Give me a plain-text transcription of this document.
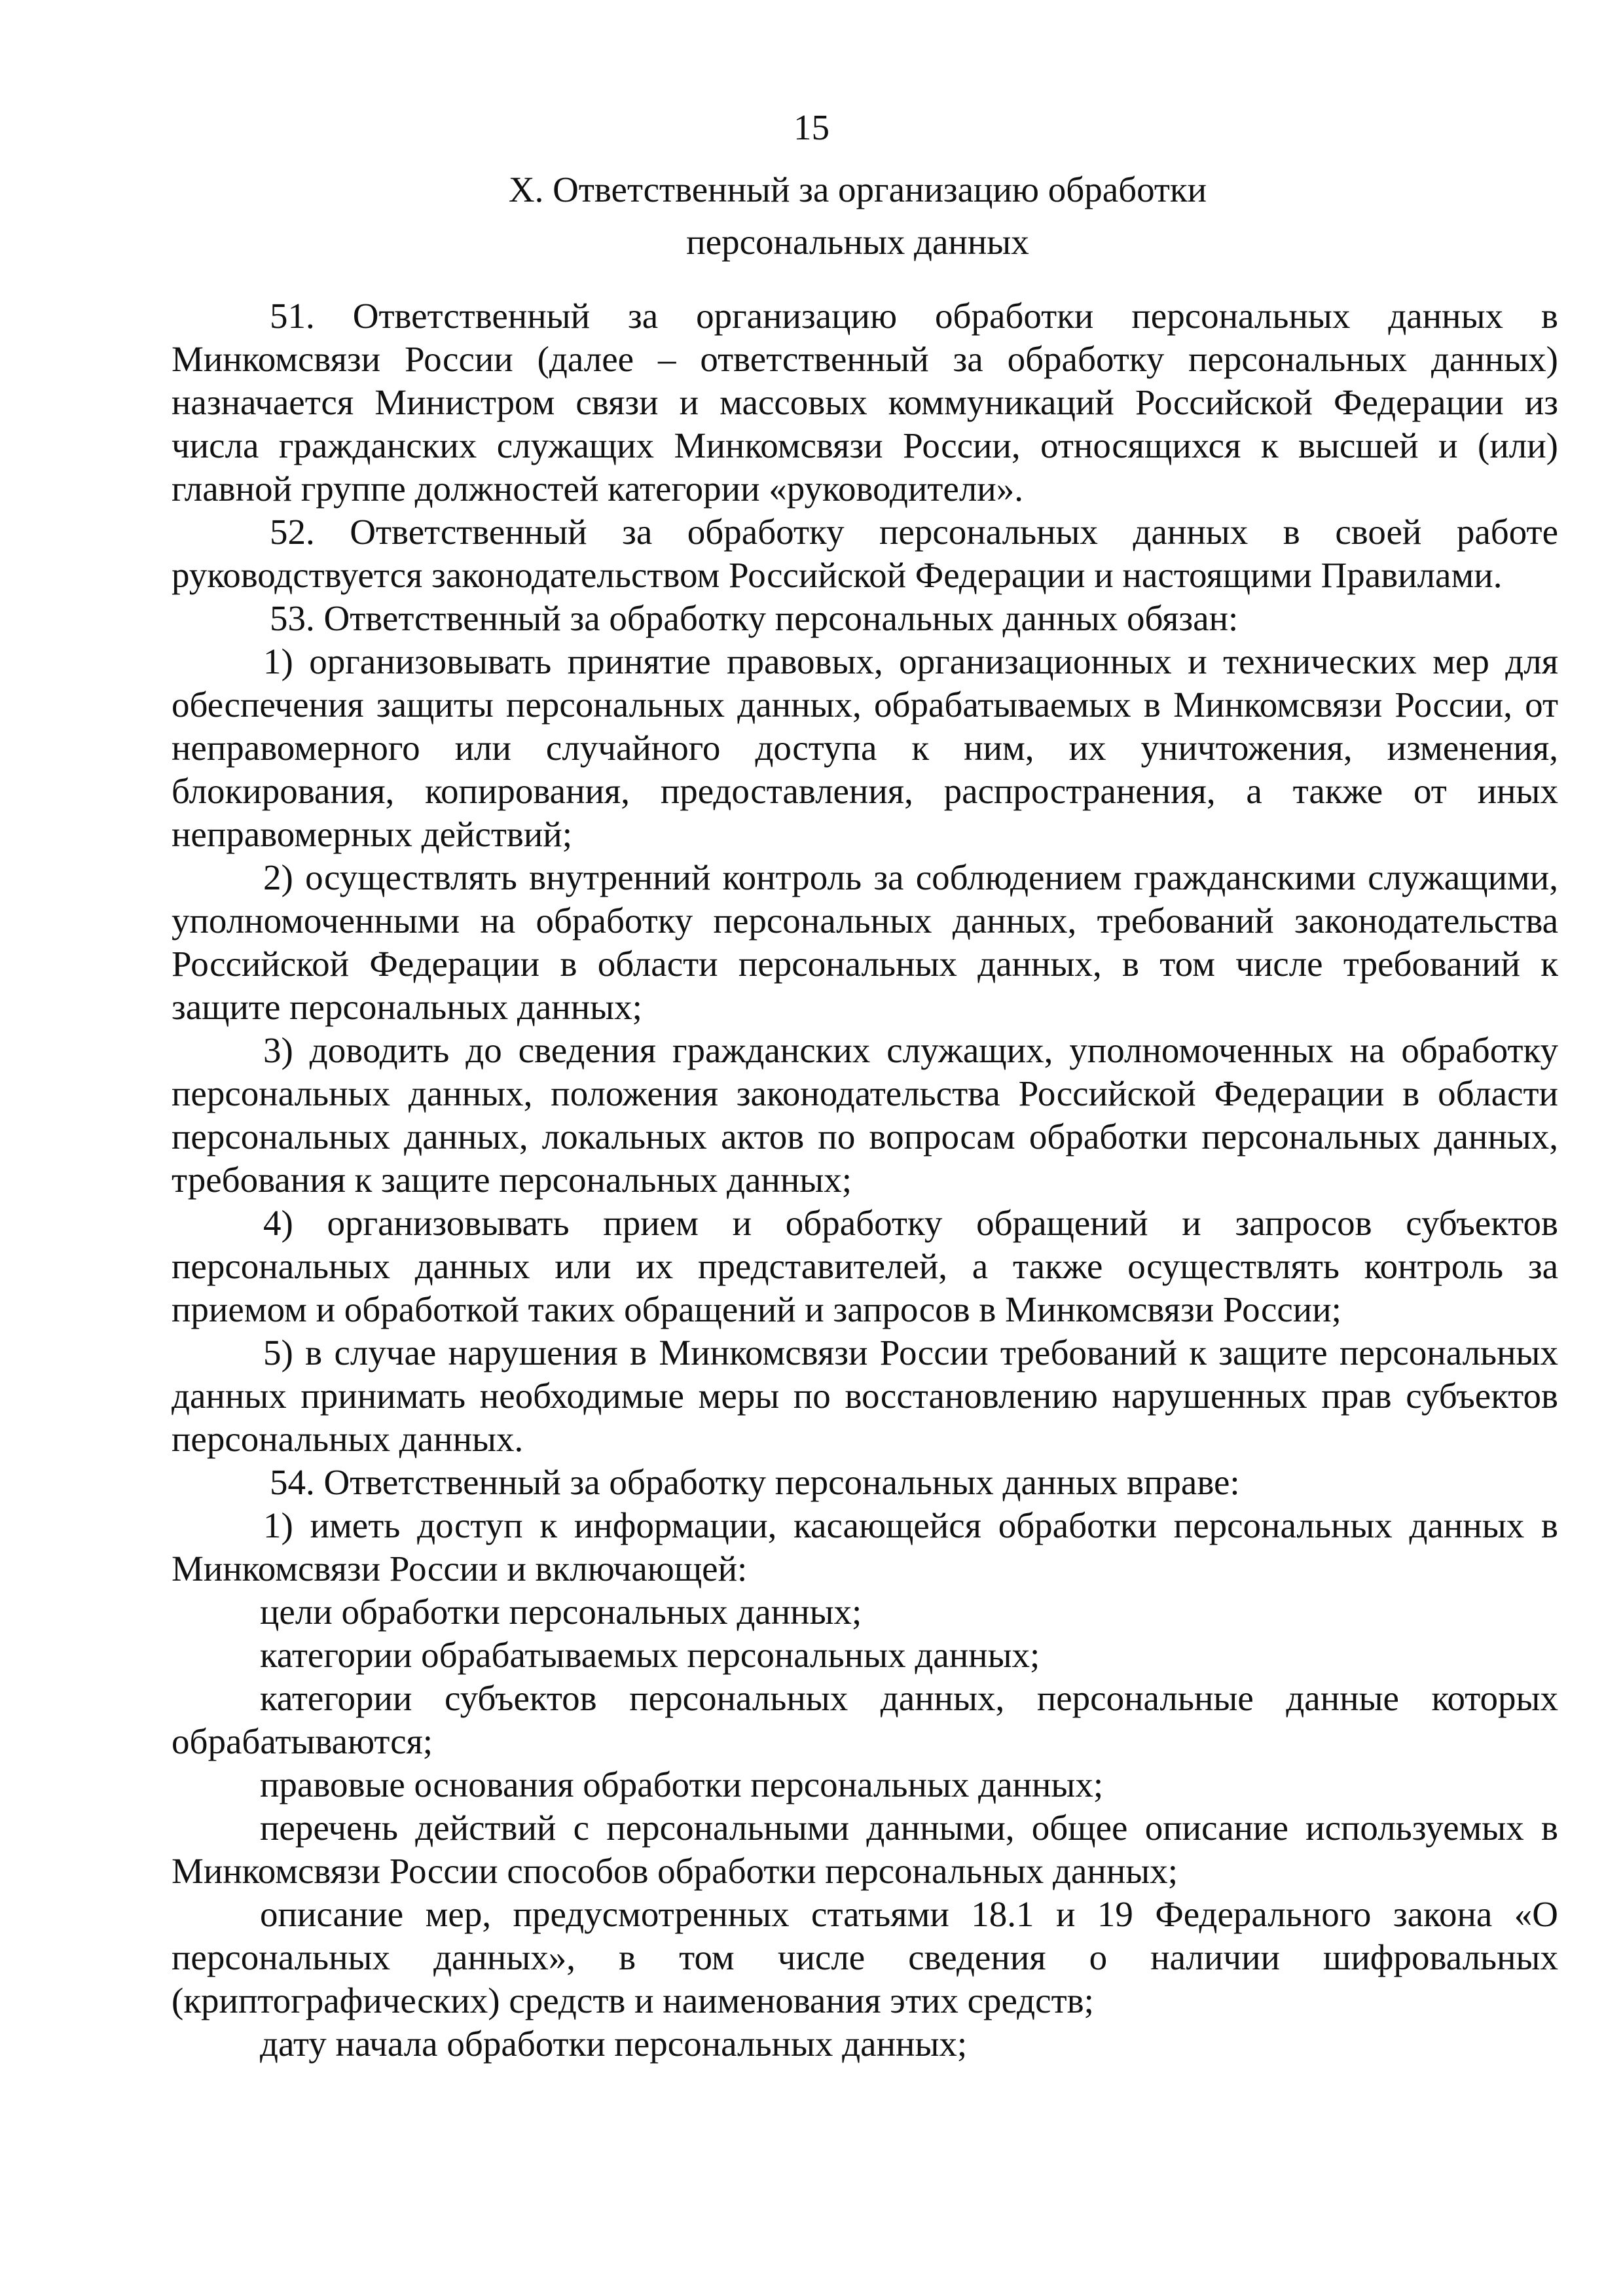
15
X. Ответственный за организацию обработки
персональных данных

51. Ответственный за организацию обработки персональных данных в Минкомсвязи России (далее – ответственный за обработку персональных данных) назначается Министром связи и массовых коммуникаций Российской Федерации из числа гражданских служащих Минкомсвязи России, относящихся к высшей и (или) главной группе должностей категории «руководители».

52. Ответственный за обработку персональных данных в своей работе руководствуется законодательством Российской Федерации и настоящими Правилами.

53. Ответственный за обработку персональных данных обязан:

1) организовывать принятие правовых, организационных и технических мер для обеспечения защиты персональных данных, обрабатываемых в Минкомсвязи России, от неправомерного или случайного доступа к ним, их уничтожения, изменения, блокирования, копирования, предоставления, распространения, а также от иных неправомерных действий;

2) осуществлять внутренний контроль за соблюдением гражданскими служащими, уполномоченными на обработку персональных данных, требований законодательства Российской Федерации в области персональных данных, в том числе требований к защите персональных данных;

3) доводить до сведения гражданских служащих, уполномоченных на обработку персональных данных, положения законодательства Российской Федерации в области персональных данных, локальных актов по вопросам обработки персональных данных, требования к защите персональных данных;

4) организовывать прием и обработку обращений и запросов субъектов персональных данных или их представителей, а также осуществлять контроль за приемом и обработкой таких обращений и запросов в Минкомсвязи России;

5) в случае нарушения в Минкомсвязи России требований к защите персональных данных принимать необходимые меры по восстановлению нарушенных прав субъектов персональных данных.

54. Ответственный за обработку персональных данных вправе:

1) иметь доступ к информации, касающейся обработки персональных данных в Минкомсвязи России и включающей:

цели обработки персональных данных;

категории обрабатываемых персональных данных;

категории субъектов персональных данных, персональные данные которых обрабатываются;

правовые основания обработки персональных данных;

перечень действий с персональными данными, общее описание используемых в Минкомсвязи России способов обработки персональных данных;

описание мер, предусмотренных статьями 18.1 и 19 Федерального закона «О персональных данных», в том числе сведения о наличии шифровальных (криптографических) средств и наименования этих средств;

дату начала обработки персональных данных;
